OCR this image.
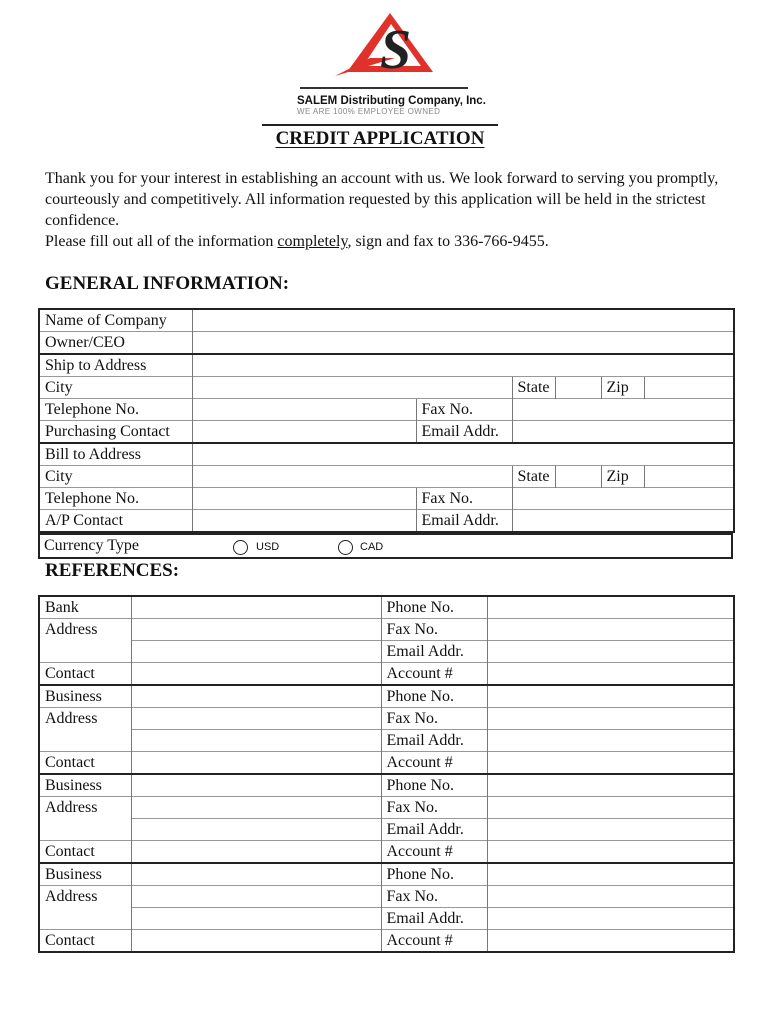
S
SALEM Distributing Company, Inc.
WE ARE 100% EMPLOYEE OWNED
CREDIT APPLICATION

Thank you for your interest in establishing an account with us. We look forward to serving you promptly, courteously and competitively. All information requested by this application will be held in the strictest confidence.

Please fill out all of the information completely, sign and fax to 336-766-9455.

GENERAL INFORMATION:
Name of Company						
Owner/CEO						
Ship to Address						
City			State		Zip	
Telephone No.		Fax No.				
Purchasing Contact		Email Addr.				
Bill to Address						
City			State		Zip	
Telephone No.		Fax No.				
A/P Contact		Email Addr.				
Currency Type	USD	CAD
REFERENCES:
Bank		Phone No.	
Address		Fax No.	
		Email Addr.	
Contact		Account #	
Business		Phone No.	
Address		Fax No.	
		Email Addr.	
Contact		Account #	
Business		Phone No.	
Address		Fax No.	
		Email Addr.	
Contact		Account #	
Business		Phone No.	
Address		Fax No.	
		Email Addr.	
Contact		Account #	
